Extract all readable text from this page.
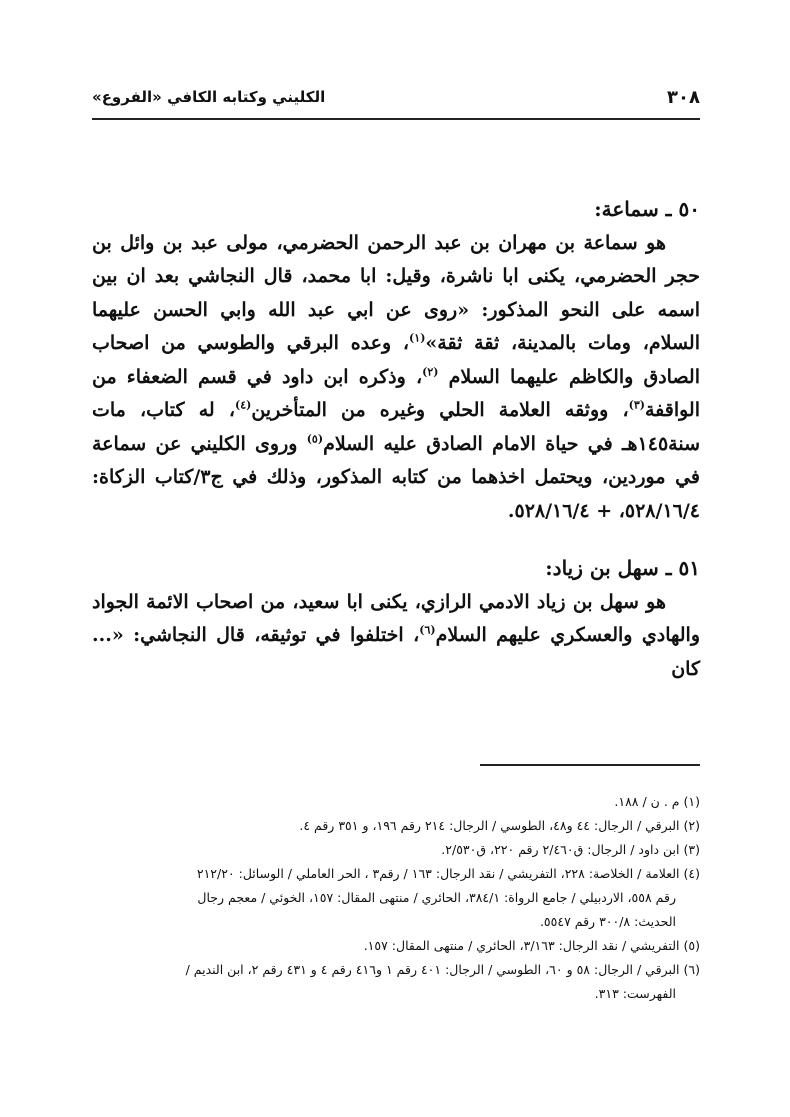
٣٠٨
الكليني وكتابه الكافي «الفروع»

٥٠ ـ سماعة:

هو سماعة بن مهران بن عبد الرحمن الحضرمي، مولى عبد بن وائل بن حجر الحضرمي، يكنى ابا ناشرة، وقيل: ابا محمد، قال النجاشي بعد ان بين اسمه على النحو المذكور: «روى عن ابي عبد الله وابي الحسن عليهما السلام، ومات بالمدينة، ثقة ثقة»$^{(١)}$، وعده البرقي والطوسي من اصحاب الصادق والكاظم عليهما السلام $^{(٢)}$، وذكره ابن داود في قسم الضعفاء من الواقفة$^{(٣)}$، ووثقه العلامة الحلي وغيره من المتأخرين$^{(٤)}$، له كتاب، مات سنة١٤٥هـ في حياة الامام الصادق عليه السلام$^{(٥)}$ وروى الكليني عن سماعة في موردين، ويحتمل اخذهما من كتابه المذكور، وذلك في ج٣/كتاب الزكاة: ٥٢٨/١٦/٤، + ٥٢٨/١٦/٤.

٥١ ـ سهل بن زياد:

هو سهل بن زياد الادمي الرازي، يكنى ابا سعيد، من اصحاب الائمة الجواد والهادي والعسكري عليهم السلام$^{(٦)}$، اختلفوا في توثيقه، قال النجاشي: «... كان

(١) م . ن / ١٨٨.

(٢) البرقي / الرجال: ٤٤ و٤٨، الطوسي / الرجال: ٢١٤ رقم ١٩٦، و ٣٥١ رقم ٤.

(٣) ابن داود / الرجال: ق٢/٤٦٠ رقم ٢٢٠، ق٢/٥٣٠.

(٤) العلامة / الخلاصة: ٢٢٨، التفريشي / نقد الرجال: ١٦٣ / رقم٣ ، الحر العاملي / الوسائل: ٢١٢/٢٠

رقم ٥٥٨، الاردبيلي / جامع الرواة: ٣٨٤/١، الحائري / منتهى المقال: ١٥٧، الخوئي / معجم رجال

الحديث: ٣٠٠/٨ رقم ٥٥٤٧.

(٥) التفريشي / نقد الرجال: ٣/١٦٣، الحائري / منتهى المقال: ١٥٧.

(٦) البرقي / الرجال: ٥٨ و ٦٠، الطوسي / الرجال: ٤٠١ رقم ١ و٤١٦ رقم ٤ و ٤٣١ رقم ٢، ابن النديم /

الفهرست: ٣١٣.
